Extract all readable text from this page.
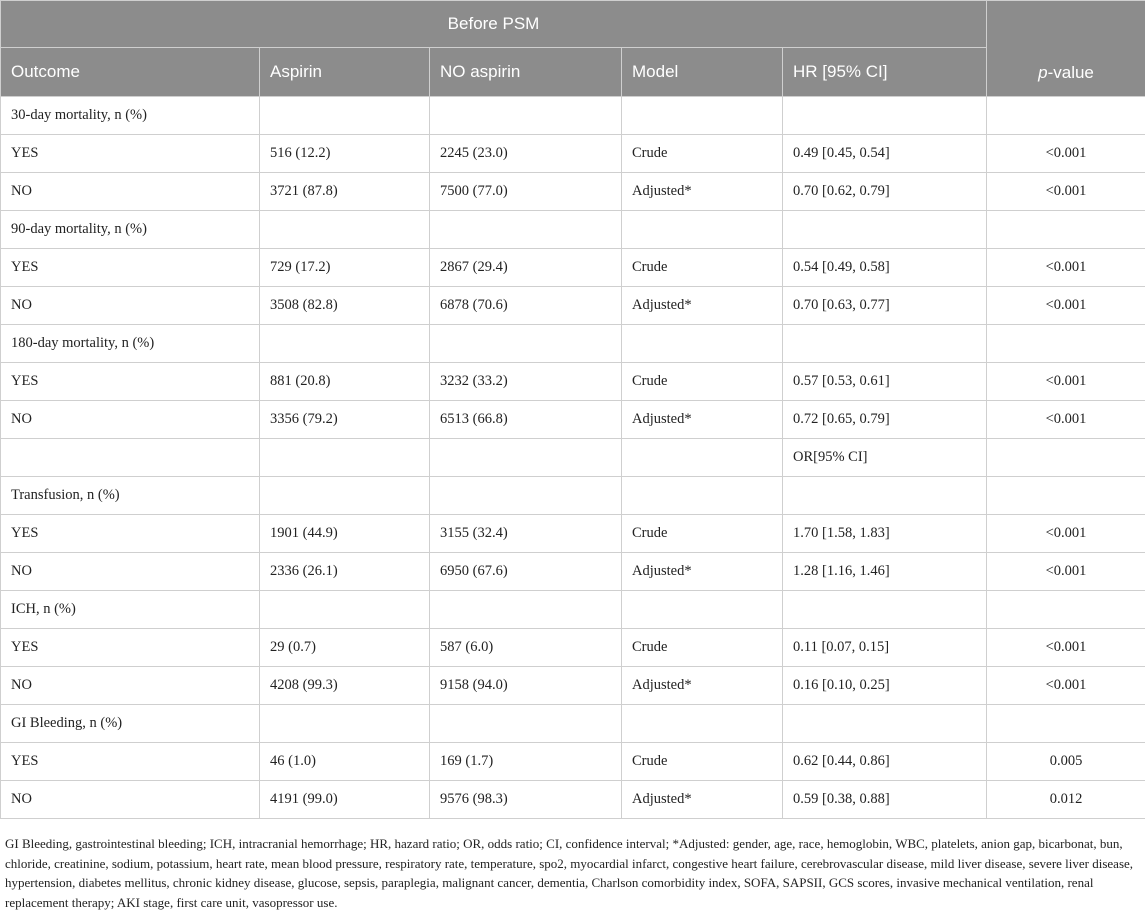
Before PSM					p-value
Outcome	Aspirin	NO aspirin	Model	HR [95% CI]	
30-day mortality, n (%)					
YES	516 (12.2)	2245 (23.0)	Crude	0.49 [0.45, 0.54]	<0.001
NO	3721 (87.8)	7500 (77.0)	Adjusted*	0.70 [0.62, 0.79]	<0.001
90-day mortality, n (%)					
YES	729 (17.2)	2867 (29.4)	Crude	0.54 [0.49, 0.58]	<0.001
NO	3508 (82.8)	6878 (70.6)	Adjusted*	0.70 [0.63, 0.77]	<0.001
180-day mortality, n (%)					
YES	881 (20.8)	3232 (33.2)	Crude	0.57 [0.53, 0.61]	<0.001
NO	3356 (79.2)	6513 (66.8)	Adjusted*	0.72 [0.65, 0.79]	<0.001
				OR[95% CI]	
Transfusion, n (%)					
YES	1901 (44.9)	3155 (32.4)	Crude	1.70 [1.58, 1.83]	<0.001
NO	2336 (26.1)	6950 (67.6)	Adjusted*	1.28 [1.16, 1.46]	<0.001
ICH, n (%)					
YES	29 (0.7)	587 (6.0)	Crude	0.11 [0.07, 0.15]	<0.001
NO	4208 (99.3)	9158 (94.0)	Adjusted*	0.16 [0.10, 0.25]	<0.001
GI Bleeding, n (%)					
YES	46 (1.0)	169 (1.7)	Crude	0.62 [0.44, 0.86]	0.005
NO	4191 (99.0)	9576 (98.3)	Adjusted*	0.59 [0.38, 0.88]	0.012
GI Bleeding, gastrointestinal bleeding; ICH, intracranial hemorrhage; HR, hazard ratio; OR, odds ratio; CI, confidence interval; *Adjusted: gender, age, race, hemoglobin, WBC, platelets, anion gap, bicarbonat, bun, chloride, creatinine, sodium, potassium, heart rate, mean blood pressure, respiratory rate, temperature, spo2, myocardial infarct, congestive heart failure, cerebrovascular disease, mild liver disease, severe liver disease, hypertension, diabetes mellitus, chronic kidney disease, glucose, sepsis, paraplegia, malignant cancer, dementia, Charlson comorbidity index, SOFA, SAPSII, GCS scores, invasive mechanical ventilation, renal replacement therapy; AKI stage, first care unit, vasopressor use.
